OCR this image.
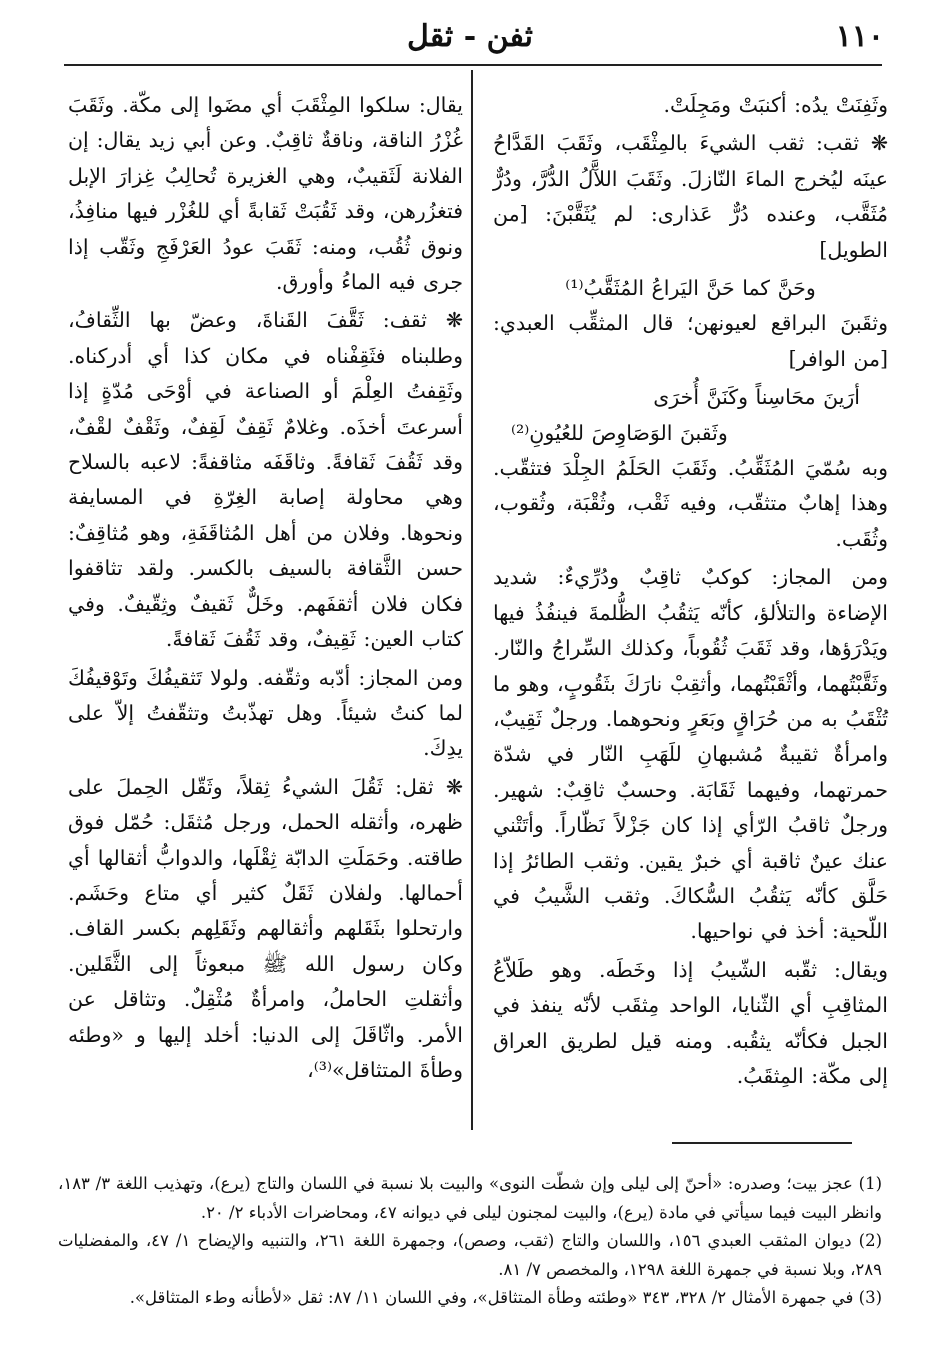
١١٠
ثفن - ثقل

وثَفِنَتْ يدُه: أكنبَتْ ومَجِلَتْ.

❋ ثقب: ثقب الشيءَ بالمِثْقَب، وثَقَبَ القَدَّاحُ عينَه ليُخرج الماءَ النّازلَ. وثَقَبَ اللآَّلُ الدُّرَّ، ودُرٌّ مُثَقَّب، وعنده دُرٌّ عَذارى: لم يُثَقَّبْنَ: [من الطويل]

وحَنَّ كما حَنَّ اليَراعُ المُثَقَّبُ⁽¹⁾

وثقَبنَ البراقع لعيونهن؛ قال المثقِّب العبدي: [من الوافر]

أرَينَ محَاسِناً وكَنَنَّ أُخرَى

وثَقبنَ الوَصَاوِصَ للعُيُونِ⁽²⁾

وبه سُمّيَ المُثَقِّبُ. وثَقَبَ الحَلَمُ الجِلْدَ فتثقّب. وهذا إهابٌ متثقّب، وفيه ثَقْب، وثُقْبَة، وثُقوب، وثُقَب.

ومن المجاز: كوكبٌ ثاقِبٌ ودُرِّيءٌ: شديد الإضاءة والتلألؤ، كأنّه يَثقُبُ الظُّلمةَ فينفُذُ فيها ويَدْرَؤها، وقد ثَقَبَ ثُقُوباً، وكذلك السِّراجُ والنّار. وثَقَّبْتُهما، وأثْقَبْتُهما، وأثقِبْ نارَكَ بثَقُوبٍ، وهو ما تُثْقَبُ به من حُرَاقٍ وبَعَرٍ ونحوهما. ورجلٌ ثَقِيبٌ، وامرأةٌ ثقيبةٌ مُشبهانِ للَهَبِ النّار في شدّة حمرتهما، وفيهما ثَقَابَة. وحسبٌ ثاقِبٌ: شهير. ورجلٌ ثاقبُ الرّأي إذا كان جَزْلاً نَظّاراً. وأتَتْني عنك عينٌ ثاقبة أي خبرٌ يقين. وثقب الطائرُ إذا حَلَّق كأنّه يَثقُبُ السُّكاكَ. وثقب الشَّيبُ في اللّحية: أخذ في نواحيها.

ويقال: ثقّبه الشّيبُ إذا وخَطَه. وهو طَلاّعُ المثاقِبِ أي الثّنايا، الواحد مِثقَب لأنّه ينفذ في الجبل فكأنّه يثقُبه. ومنه قيل لطريق العراق إلى مكّة: المِثقَبُ.

يقال: سلكوا المِثْقَبَ أي مضَوا إلى مكّة. وثَقَبَ غُزْرُ الناقة، وناقةٌ ثاقِبٌ. وعن أبي زيد يقال: إن الفلانة لَثَقيبٌ، وهي الغزيرة تُحالِبُ غِزارَ الإبل فتغزُرهن، وقد ثَقُبَتْ ثَقابةً أي للغُزْر فيها منافِذُ، ونوق ثُقُب، ومنه: ثَقَبَ عودُ العَرْفَجِ وثَقّب إذا جرى فيه الماءُ وأورق.

❋ ثقف: ثَقَّفَ القَناةَ، وعضّ بها الثِّقافُ، وطلبناه فثَقِفْناه في مكان كذا أي أدركناه. وثَقِفتُ العِلْمَ أو الصناعة في أوْحَى مُدّةٍ إذا أسرعتَ أخذَه. وغلامٌ ثَقِفٌ لَقِفٌ، وثَقْفٌ لقْفٌ، وقد ثَقُفَ ثَقافةً. وثاقَفَه مثاقفةً: لاعبه بالسلاح وهي محاولة إصابة الغِرّةِ في المسايفة ونحوها. وفلان من أهل المُثاقَفَةِ، وهو مُثاقِفٌ: حسن الثَّقافة بالسيف بالكسر. ولقد تثاقفوا فكان فلان أثقفَهم. وخَلٌّ ثَقيفٌ وثِقّيفٌ. وفي كتاب العين: ثَقِيفٌ، وقد ثَقُفَ ثَقافةً.

ومن المجاز: أدّبه وثقّفه. ولولا تَثقيفُكَ وتَوْقيفُكَ لما كنتُ شيئاً. وهل تهذّبتُ وتثقّفتُ إلاّ على يدِكَ.

❋ ثقل: ثَقُلَ الشيءُ ثِقلاً، وثَقّل الحِملَ على ظهره، وأثقله الحمل، ورجل مُثقَل: حُمّل فوق طاقته. وحَمَلَتِ الدابّة ثِقْلَها، والدوابُّ أثقالها أي أحمالها. ولفلان ثَقَلٌ كثير أي متاع وحَشَم. وارتحلوا بثَقَلهم وأثقالهم وثَقَلِهم بكسر القاف. وكان رسول الله ﷺ مبعوثاً إلى الثَّقَلين. وأثقلتِ الحاملُ، وامرأةٌ مُثْقِلٌ. وتثاقل عن الأمر. واثّاقَلَ إلى الدنيا: أخلد إليها و «وطئه وطأةَ المتثاقل»⁽³⁾،

(1) عجز بيت؛ وصدره: «أحنّ إلى ليلى وإن شطّت النوى» والبيت بلا نسبة في اللسان والتاج (يرع)، وتهذيب اللغة ٣/ ١٨٣، وانظر البيت فيما سيأتي في مادة (يرع)، والبيت لمجنون ليلى في ديوانه ٤٧، ومحاضرات الأدباء ٢/ ٢٠.

(2) ديوان المثقب العبدي ١٥٦، واللسان والتاج (ثقب، وصص)، وجمهرة اللغة ٢٦١، والتنبيه والإيضاح ١/ ٤٧، والمفضليات ٢٨٩، وبلا نسبة في جمهرة اللغة ١٢٩٨، والمخصص ٧/ ٨١.

(3) في جمهرة الأمثال ٢/ ٣٢٨، ٣٤٣ «وطئته وطأة المتثاقل»، وفي اللسان ١١/ ٨٧: ثقل «لأطأنه وطء المتثاقل».
